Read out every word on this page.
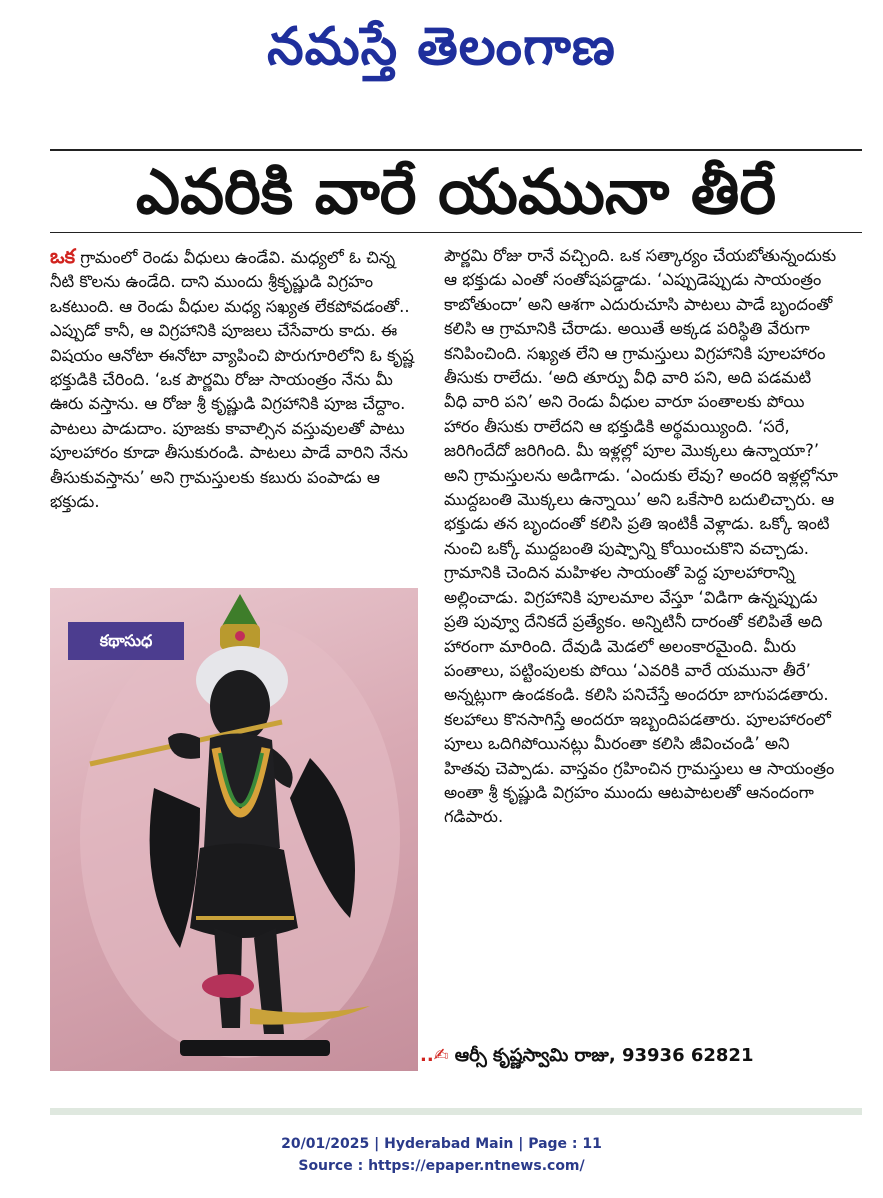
నమస్తే తెలంగాణ
ఎవరికి వారే యమునా తీరే

ఒక గ్రామంలో రెండు వీధులు ఉండేవి. మధ్యలో ఓ చిన్న నీటి కొలను ఉండేది. దాని ముందు శ్రీకృష్ణుడి విగ్రహం ఒకటుంది. ఆ రెండు వీధుల మధ్య సఖ్యత లేకపోవడంతో.. ఎప్పుడో కానీ, ఆ విగ్రహానికి పూజలు చేసేవారు కాదు. ఈ విషయం ఆనోటా ఈనోటా వ్యాపించి పొరుగూరిలోని ఓ కృష్ణ భక్తుడికి చేరింది. ‘ఒక పౌర్ణమి రోజు సాయంత్రం నేను మీ ఊరు వస్తాను. ఆ రోజు శ్రీ కృష్ణుడి విగ్రహానికి పూజ చేద్దాం. పాటలు పాడుదాం. పూజకు కావాల్సిన వస్తువులతో పాటు పూలహారం కూడా తీసుకురండి. పాటలు పాడే వారిని నేను తీసుకువస్తాను’ అని గ్రామస్తులకు కబురు పంపాడు ఆ భక్తుడు.

కథాసుధ

పౌర్ణమి రోజు రానే వచ్చింది. ఒక సత్కార్యం చేయబోతున్నందుకు ఆ భక్తుడు ఎంతో సంతోషపడ్డాడు. ‘ఎప్పుడెప్పుడు సాయంత్రం కాబోతుందా’ అని ఆశగా ఎదురుచూసి పాటలు పాడే బృందంతో కలిసి ఆ గ్రామానికి చేరాడు. అయితే అక్కడ పరిస్థితి వేరుగా కనిపించింది. సఖ్యత లేని ఆ గ్రామస్తులు విగ్రహానికి పూలహారం తీసుకు రాలేదు. ‘అది తూర్పు వీధి వారి పని, అది పడమటి వీధి వారి పని’ అని రెండు వీధుల వారూ పంతాలకు పోయి హారం తీసుకు రాలేదని ఆ భక్తుడికి అర్థమయ్యింది. ‘సరే, జరిగిందేదో జరిగింది. మీ ఇళ్లల్లో పూల మొక్కలు ఉన్నాయా?’ అని గ్రామస్తులను అడిగాడు. ‘ఎందుకు లేవు? అందరి ఇళ్లల్లోనూ ముద్దబంతి మొక్కలు ఉన్నాయి’ అని ఒకేసారి బదులిచ్చారు. ఆ భక్తుడు తన బృందంతో కలిసి ప్రతి ఇంటికీ వెళ్లాడు. ఒక్కో ఇంటి నుంచి ఒక్కో ముద్దబంతి పుష్పాన్ని కోయించుకొని వచ్చాడు. గ్రామానికి చెందిన మహిళల సాయంతో పెద్ద పూలహారాన్ని అల్లించాడు. విగ్రహానికి పూలమాల వేస్తూ ‘విడిగా ఉన్నప్పుడు ప్రతి పువ్వూ దేనికదే ప్రత్యేకం. అన్నిటినీ దారంతో కలిపితే అది హారంగా మారింది. దేవుడి మెడలో అలంకారమైంది. మీరు పంతాలు, పట్టింపులకు పోయి ‘ఎవరికి వారే యమునా తీరే’ అన్నట్లుగా ఉండకండి. కలిసి పనిచేస్తే అందరూ బాగుపడతారు. కలహాలు కొనసాగిస్తే అందరూ ఇబ్బందిపడతారు. పూలహారంలో పూలు ఒదిగిపోయినట్లు మీరంతా కలిసి జీవించండి’ అని హితవు చెప్పాడు. వాస్తవం గ్రహించిన గ్రామస్తులు ఆ సాయంత్రం అంతా శ్రీ కృష్ణుడి విగ్రహం ముందు ఆటపాటలతో ఆనందంగా గడిపారు.

..✍ ఆర్సీ కృష్ణస్వామి రాజు, 93936 62821
20/01/2025 | Hyderabad Main | Page : 11
Source : https://epaper.ntnews.com/
